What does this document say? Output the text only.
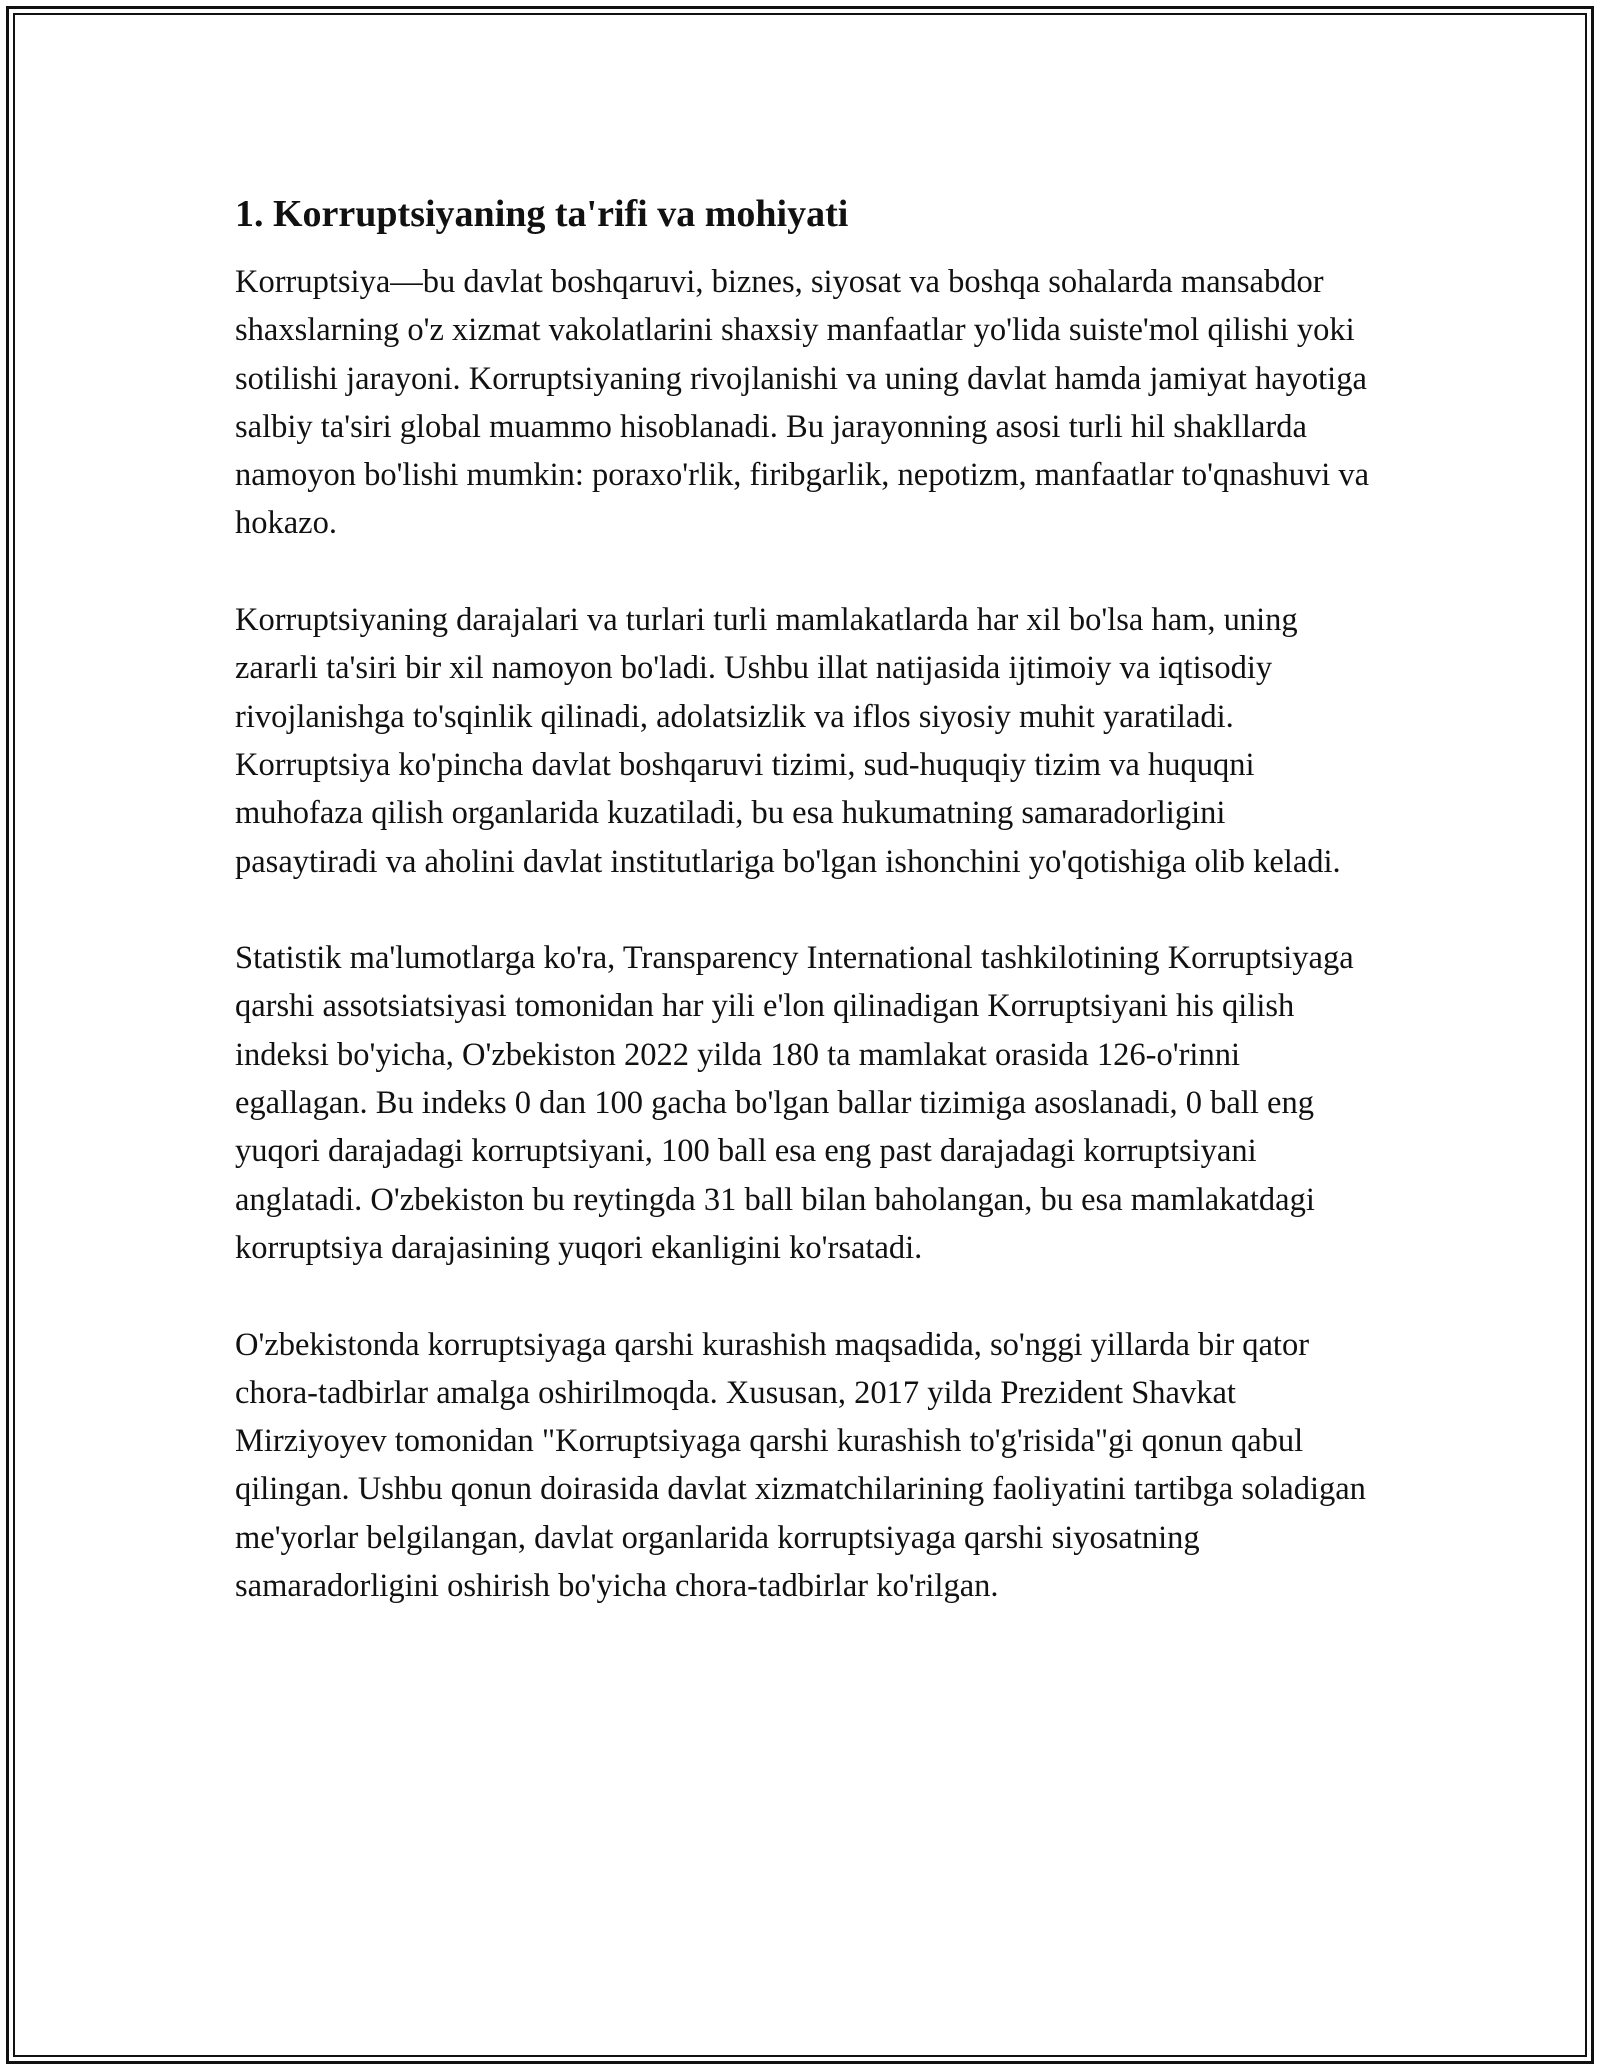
1. Korruptsiyaning ta'rifi va mohiyati

Korruptsiya—bu davlat boshqaruvi, biznes, siyosat va boshqa sohalarda mansabdor shaxslarning o'z xizmat vakolatlarini shaxsiy manfaatlar yo'lida suiste'mol qilishi yoki sotilishi jarayoni. Korruptsiyaning rivojlanishi va uning davlat hamda jamiyat hayotiga salbiy ta'siri global muammo hisoblanadi. Bu jarayonning asosi turli hil shakllarda namoyon bo'lishi mumkin: poraxo'rlik, firibgarlik, nepotizm, manfaatlar to'qnashuvi va hokazo.

Korruptsiyaning darajalari va turlari turli mamlakatlarda har xil bo'lsa ham, uning zararli ta'siri bir xil namoyon bo'ladi. Ushbu illat natijasida ijtimoiy va iqtisodiy rivojlanishga to'sqinlik qilinadi, adolatsizlik va iflos siyosiy muhit yaratiladi. Korruptsiya ko'pincha davlat boshqaruvi tizimi, sud-huquqiy tizim va huquqni muhofaza qilish organlarida kuzatiladi, bu esa hukumatning samaradorligini pasaytiradi va aholini davlat institutlariga bo'lgan ishonchini yo'qotishiga olib keladi.

Statistik ma'lumotlarga ko'ra, Transparency International tashkilotining Korruptsiyaga qarshi assotsiatsiyasi tomonidan har yili e'lon qilinadigan Korruptsiyani his qilish indeksi bo'yicha, O'zbekiston 2022 yilda 180 ta mamlakat orasida 126-o'rinni egallagan. Bu indeks 0 dan 100 gacha bo'lgan ballar tizimiga asoslanadi, 0 ball eng yuqori darajadagi korruptsiyani, 100 ball esa eng past darajadagi korruptsiyani anglatadi. O'zbekiston bu reytingda 31 ball bilan baholangan, bu esa mamlakatdagi korruptsiya darajasining yuqori ekanligini ko'rsatadi.

O'zbekistonda korruptsiyaga qarshi kurashish maqsadida, so'nggi yillarda bir qator chora-tadbirlar amalga oshirilmoqda. Xususan, 2017 yilda Prezident Shavkat Mirziyoyev tomonidan "Korruptsiyaga qarshi kurashish to'g'risida"gi qonun qabul qilingan. Ushbu qonun doirasida davlat xizmatchilarining faoliyatini tartibga soladigan me'yorlar belgilangan, davlat organlarida korruptsiyaga qarshi siyosatning samaradorligini oshirish bo'yicha chora-tadbirlar ko'rilgan.
